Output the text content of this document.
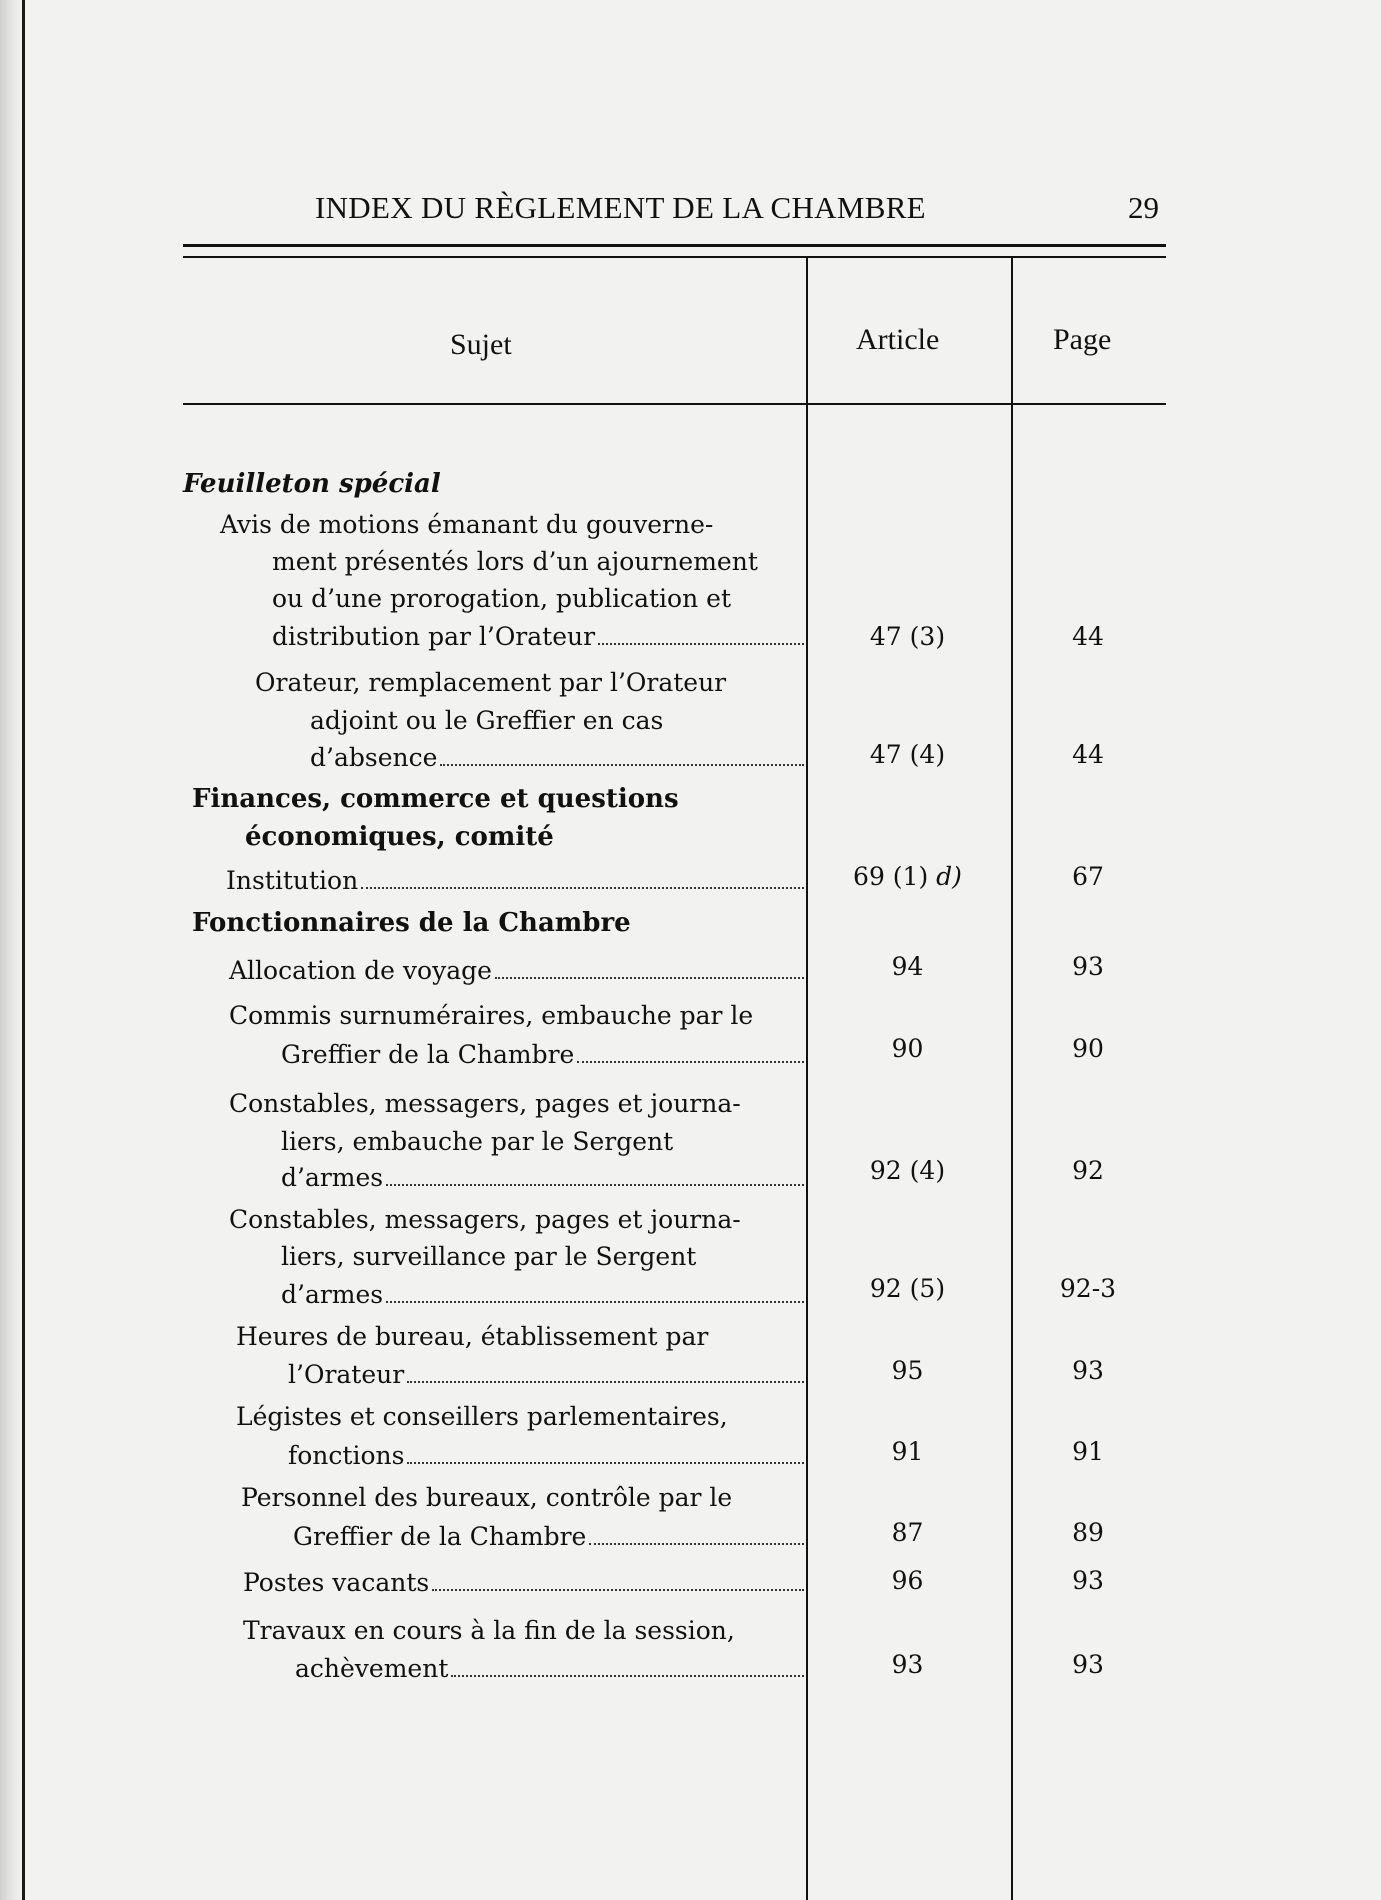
INDEX DU RÈGLEMENT DE LA CHAMBRE	29
Sujet	Article	Page
Feuilleton spécial
Avis de motions émanant du gouverne-
ment présentés lors d’un ajournement
ou d’une prorogation, publication et
distribution par l’Orateur	47 (3)	44
Orateur, remplacement par l’Orateur
adjoint ou le Greffier en cas
d’absence	47 (4)	44
Finances, commerce et questions
économiques, comité
Institution	69 (1) d)	67
Fonctionnaires de la Chambre
Allocation de voyage	94	93
Commis surnuméraires, embauche par le
Greffier de la Chambre	90	90
Constables, messagers, pages et journa-
liers, embauche par le Sergent
d’armes	92 (4)	92
Constables, messagers, pages et journa-
liers, surveillance par le Sergent
d’armes	92 (5)	92-3
Heures de bureau, établissement par
l’Orateur	95	93
Légistes et conseillers parlementaires,
fonctions	91	91
Personnel des bureaux, contrôle par le
Greffier de la Chambre	87	89
Postes vacants	96	93
Travaux en cours à la fin de la session,
achèvement	93	93
